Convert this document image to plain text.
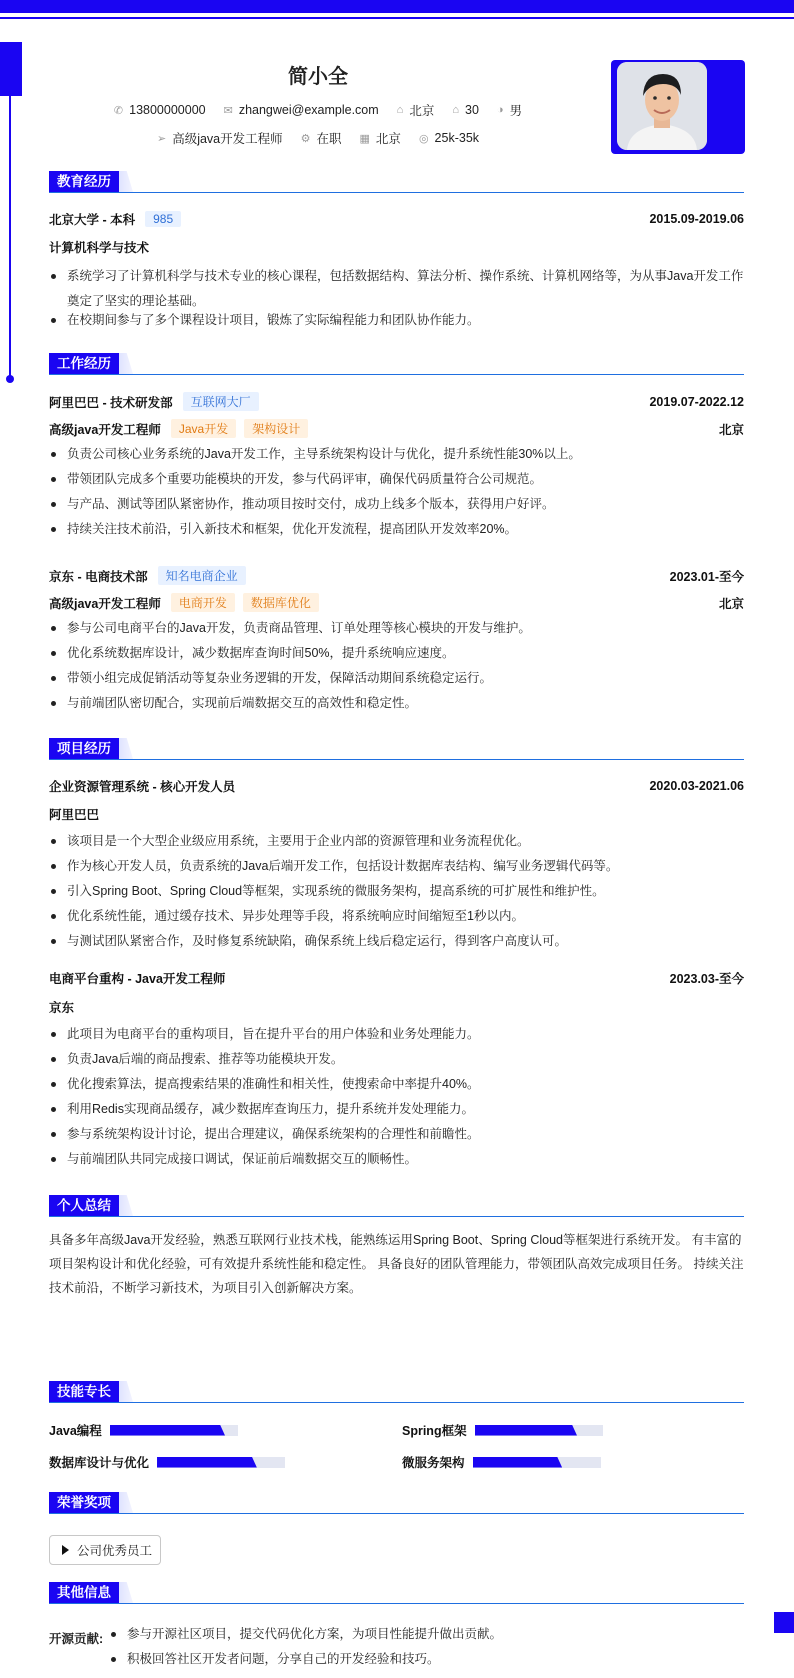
简小全
✆ 13800000000 ✉ zhangwei@example.com ⌂ 北京 ⌂ 30 ◑ 男
➢ 高级java开发工程师 ⚙ 在职 ▦ 北京 ◎ 25k-35k
教育经历
北京大学 - 本科	985	2015.09-2019.06
计算机科学与技术
系统学习了计算机科学与技术专业的核心课程，包括数据结构、算法分析、操作系统、计算机网络等，为从事Java开发工作奠定了坚实的理论基础。
在校期间参与了多个课程设计项目，锻炼了实际编程能力和团队协作能力。
工作经历
阿里巴巴 - 技术研发部	互联网大厂	2019.07-2022.12
高级java开发工程师	Java开发	架构设计	北京
负责公司核心业务系统的Java开发工作，主导系统架构设计与优化，提升系统性能30%以上。
带领团队完成多个重要功能模块的开发，参与代码评审，确保代码质量符合公司规范。
与产品、测试等团队紧密协作，推动项目按时交付，成功上线多个版本，获得用户好评。
持续关注技术前沿，引入新技术和框架，优化开发流程，提高团队开发效率20%。
京东 - 电商技术部	知名电商企业	2023.01-至今
高级java开发工程师	电商开发	数据库优化	北京
参与公司电商平台的Java开发，负责商品管理、订单处理等核心模块的开发与维护。
优化系统数据库设计，减少数据库查询时间50%，提升系统响应速度。
带领小组完成促销活动等复杂业务逻辑的开发，保障活动期间系统稳定运行。
与前端团队密切配合，实现前后端数据交互的高效性和稳定性。
项目经历
企业资源管理系统 - 核心开发人员	2020.03-2021.06
阿里巴巴
该项目是一个大型企业级应用系统，主要用于企业内部的资源管理和业务流程优化。
作为核心开发人员，负责系统的Java后端开发工作，包括设计数据库表结构、编写业务逻辑代码等。
引入Spring Boot、Spring Cloud等框架，实现系统的微服务架构，提高系统的可扩展性和维护性。
优化系统性能，通过缓存技术、异步处理等手段，将系统响应时间缩短至1秒以内。
与测试团队紧密合作，及时修复系统缺陷，确保系统上线后稳定运行，得到客户高度认可。
电商平台重构 - Java开发工程师	2023.03-至今
京东
此项目为电商平台的重构项目，旨在提升平台的用户体验和业务处理能力。
负责Java后端的商品搜索、推荐等功能模块开发。
优化搜索算法，提高搜索结果的准确性和相关性，使搜索命中率提升40%。
利用Redis实现商品缓存，减少数据库查询压力，提升系统并发处理能力。
参与系统架构设计讨论，提出合理建议，确保系统架构的合理性和前瞻性。
与前端团队共同完成接口调试，保证前后端数据交互的顺畅性。
个人总结
具备多年高级Java开发经验，熟悉互联网行业技术栈，能熟练运用Spring Boot、Spring Cloud等框架进行系统开发。 有丰富的项目架构设计和优化经验，可有效提升系统性能和稳定性。 具备良好的团队管理能力，带领团队高效完成项目任务。 持续关注技术前沿，不断学习新技术，为项目引入创新解决方案。
技能专长
Java编程	Spring框架
数据库设计与优化	微服务架构
荣誉奖项
公司优秀员工
其他信息
开源贡献:	参与开源社区项目，提交代码优化方案，为项目性能提升做出贡献。
积极回答社区开发者问题，分享自己的开发经验和技巧。
